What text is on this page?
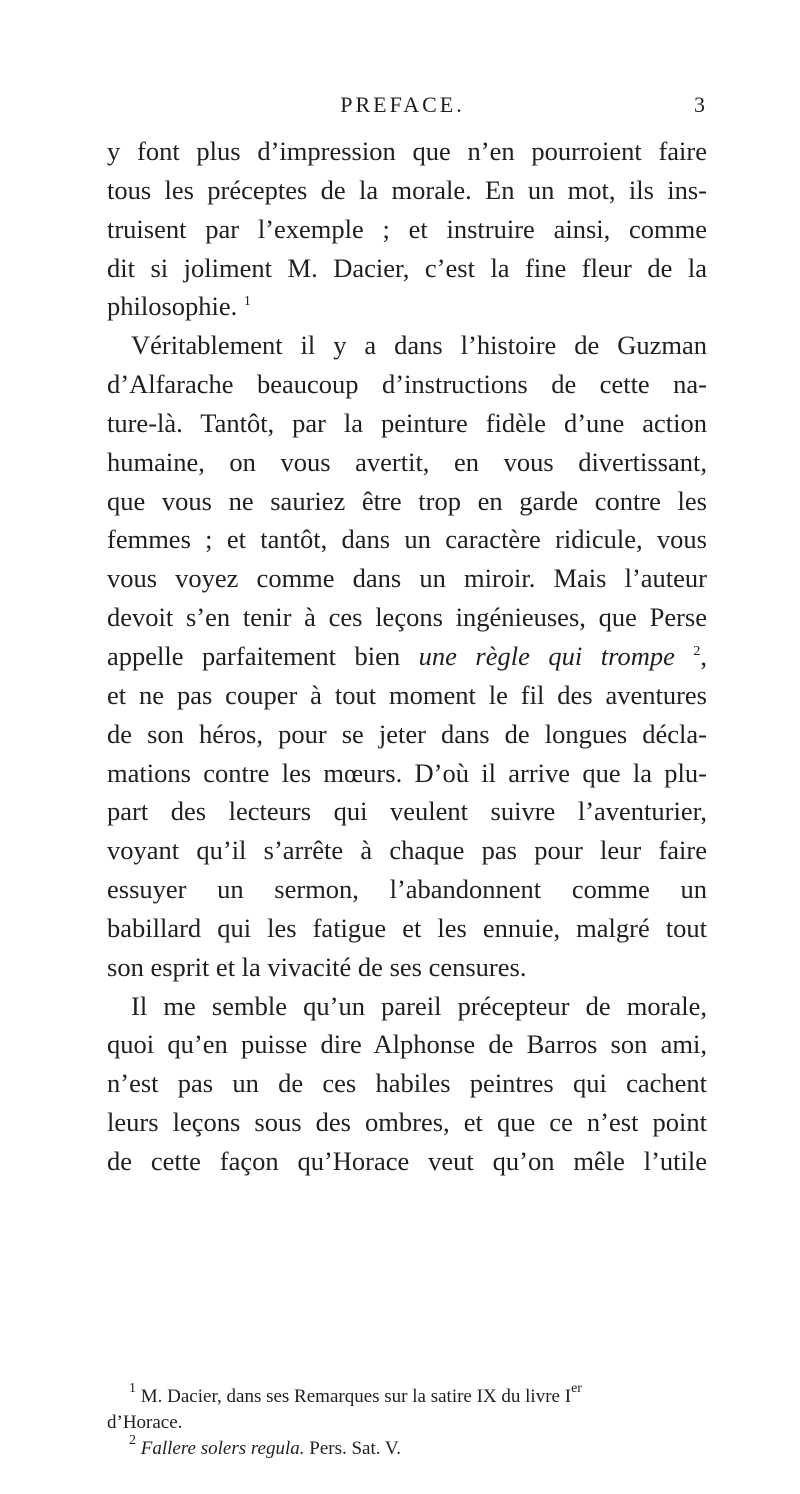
PREFACE.	3
y font plus d’impression que n’en pourroient faire
tous les préceptes de la morale. En un mot, ils ins-
truisent par l’exemple ; et instruire ainsi, comme
dit si joliment M. Dacier, c’est la fine fleur de la
philosophie. $^1$
Véritablement il y a dans l’histoire de Guzman
d’Alfarache beaucoup d’instructions de cette na-
ture-là. Tantôt, par la peinture fidèle d’une action
humaine, on vous avertit, en vous divertissant,
que vous ne sauriez être trop en garde contre les
femmes ; et tantôt, dans un caractère ridicule, vous
vous voyez comme dans un miroir. Mais l’auteur
devoit s’en tenir à ces leçons ingénieuses, que Perse
appelle parfaitement bien une règle qui trompe $^2$,
et ne pas couper à tout moment le fil des aventures
de son héros, pour se jeter dans de longues décla-
mations contre les mœurs. D’où il arrive que la plu-
part des lecteurs qui veulent suivre l’aventurier,
voyant qu’il s’arrête à chaque pas pour leur faire
essuyer un sermon, l’abandonnent comme un
babillard qui les fatigue et les ennuie, malgré tout
son esprit et la vivacité de ses censures.
Il me semble qu’un pareil précepteur de morale,
quoi qu’en puisse dire Alphonse de Barros son ami,
n’est pas un de ces habiles peintres qui cachent
leurs leçons sous des ombres, et que ce n’est point
de cette façon qu’Horace veut qu’on mêle l’utile
$^1$ M. Dacier, dans ses Remarques sur la satire IX du livre Ier
d’Horace.
$^2$ Fallere solers regula. Pers. Sat. V.
